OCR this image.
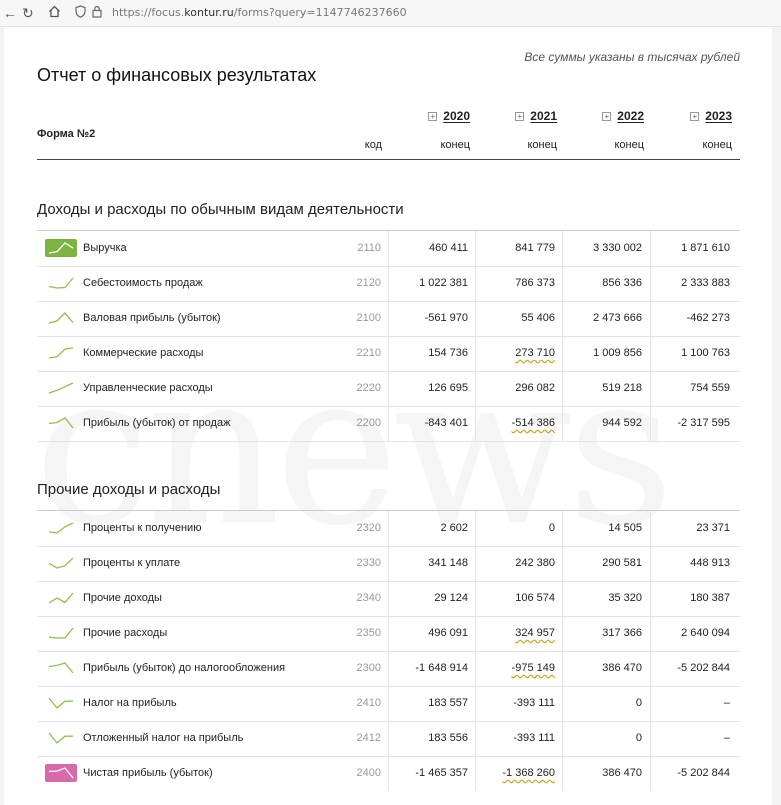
← ↻	https://focus.kontur.ru/forms?query=1147746237660
Все суммы указаны в тысячах рублей
Отчет о финансовых результатах
Форма №2
код
+ 2020	+ 2021	+ 2022	+ 2023
конец	конец	конец	конец
Доходы и расходы по обычным видам деятельности
Выручка	2110	460 411	841 779	3 330 002	1 871 610
Себестоимость продаж	2120	1 022 381	786 373	856 336	2 333 883
Валовая прибыль (убыток)	2100	-561 970	55 406	2 473 666	-462 273
Коммерческие расходы	2210	154 736	273 710	1 009 856	1 100 763
Управленческие расходы	2220	126 695	296 082	519 218	754 559
Прибыль (убыток) от продаж	2200	-843 401	-514 386	944 592	-2 317 595
Прочие доходы и расходы
Проценты к получению	2320	2 602	0	14 505	23 371
Проценты к уплате	2330	341 148	242 380	290 581	448 913
Прочие доходы	2340	29 124	106 574	35 320	180 387
Прочие расходы	2350	496 091	324 957	317 366	2 640 094
Прибыль (убыток) до налогообложения	2300	-1 648 914	-975 149	386 470	-5 202 844
Налог на прибыль	2410	183 557	-393 111	0	–
Отложенный налог на прибыль	2412	183 556	-393 111	0	–
Чистая прибыль (убыток)	2400	-1 465 357	-1 368 260	386 470	-5 202 844
